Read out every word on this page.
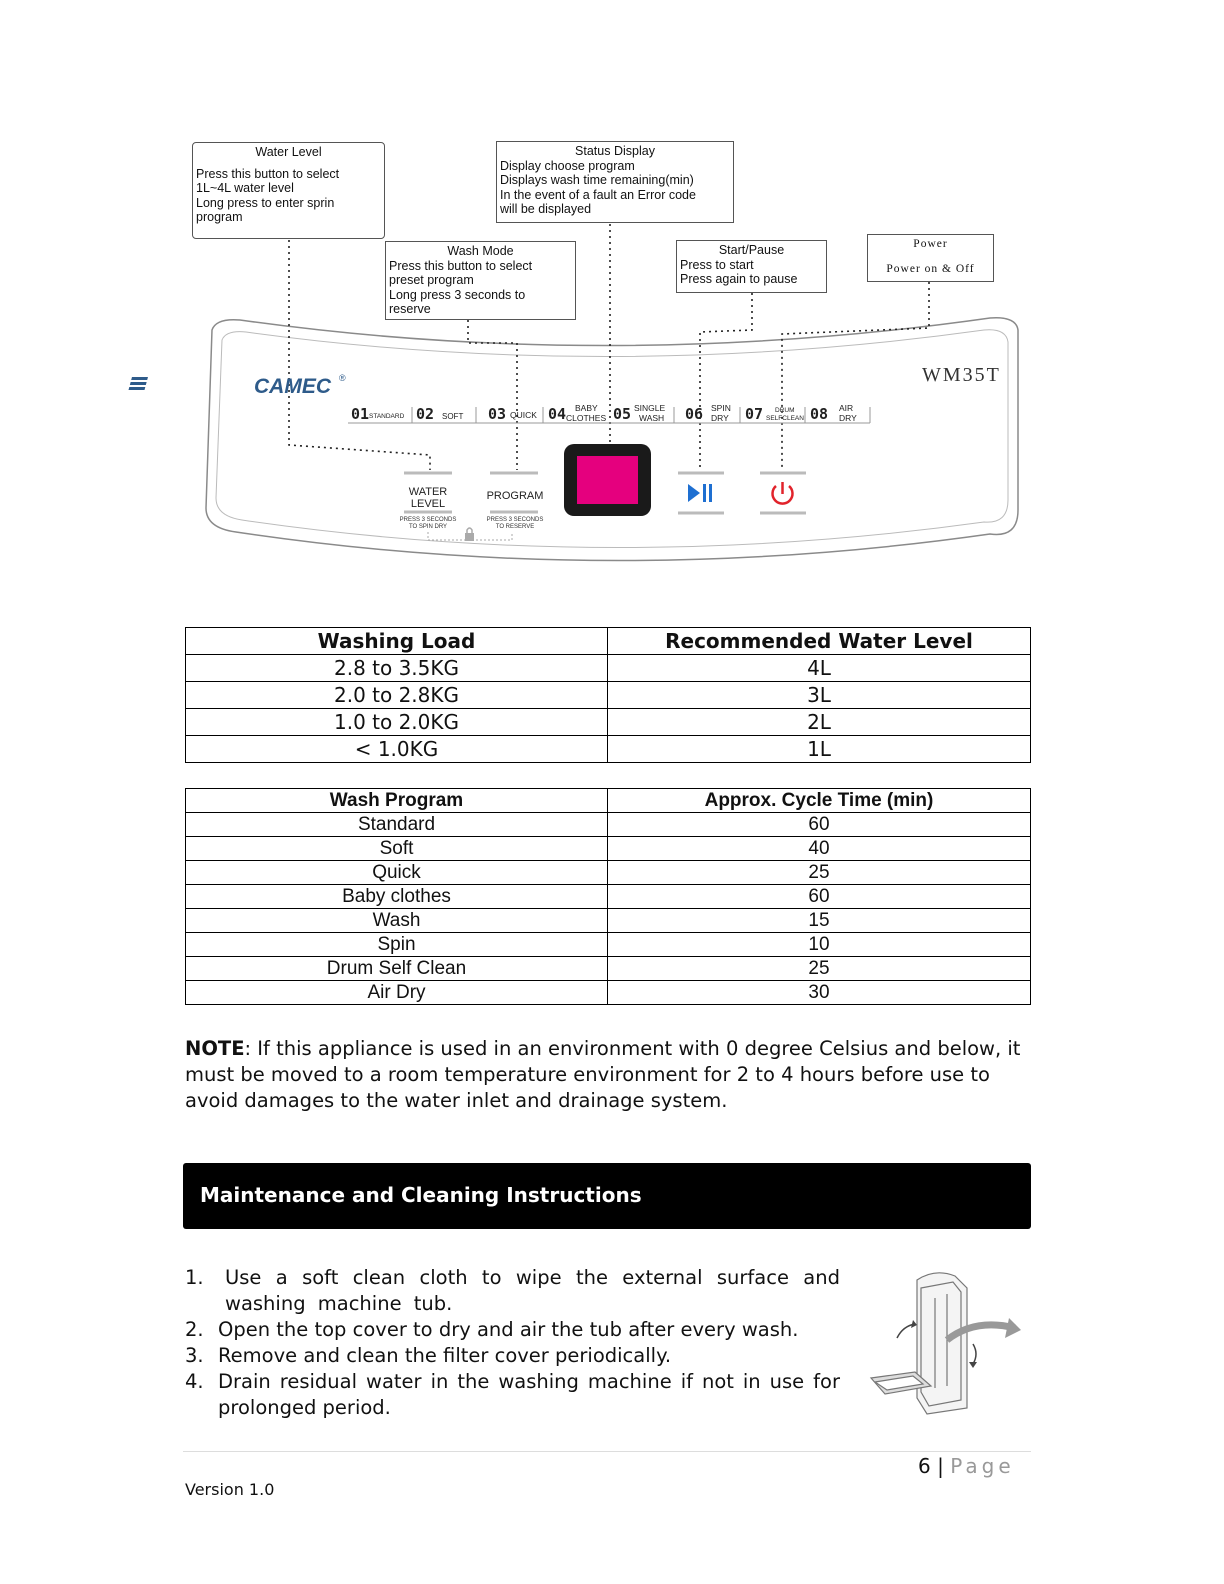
CAMEC ®	WM35T
01 STANDARD 02 SOFT 03 QUICK 04 BABY
CLOTHES 05 SINGLE
WASH 06 SPIN
DRY 07 DRUM
SELFCLEAN 08 AIR
DRY
WATER
LEVEL
PRESS 3 SECONDS
TO SPIN DRY
PROGRAM
PRESS 3 SECONDS
TO RESERVE
Water Level
Press this button to select
1L~4L water level
Long press to enter sprin
program
Status Display
Display choose program
Displays wash time remaining(min)
In the event of a fault an Error code
will be displayed
Wash Mode
Press this button to select
preset program
Long press 3 seconds to
reserve
Start/Pause
Press to start
Press again to pause
Power
Power on & Off
Washing Load	Recommended Water Level
2.8 to 3.5KG	4L
2.0 to 2.8KG	3L
1.0 to 2.0KG	2L
< 1.0KG	1L
Wash Program	Approx. Cycle Time (min)
Standard	60
Soft	40
Quick	25
Baby clothes	60
Wash	15
Spin	10
Drum Self Clean	25
Air Dry	30
NOTE: If this appliance is used in an environment with 0 degree Celsius and below, it must be moved to a room temperature environment for 2 to 4 hours before use to avoid damages to the water inlet and drainage system.
Maintenance and Cleaning Instructions
1.	Use a soft clean cloth to wipe the external surface and washing machine tub.
2. Open the top cover to dry and air the tub after every wash.
3. Remove and clean the filter cover periodically.
4. Drain residual water in the washing machine if not in use for prolonged period.
6 | Page
Version 1.0
